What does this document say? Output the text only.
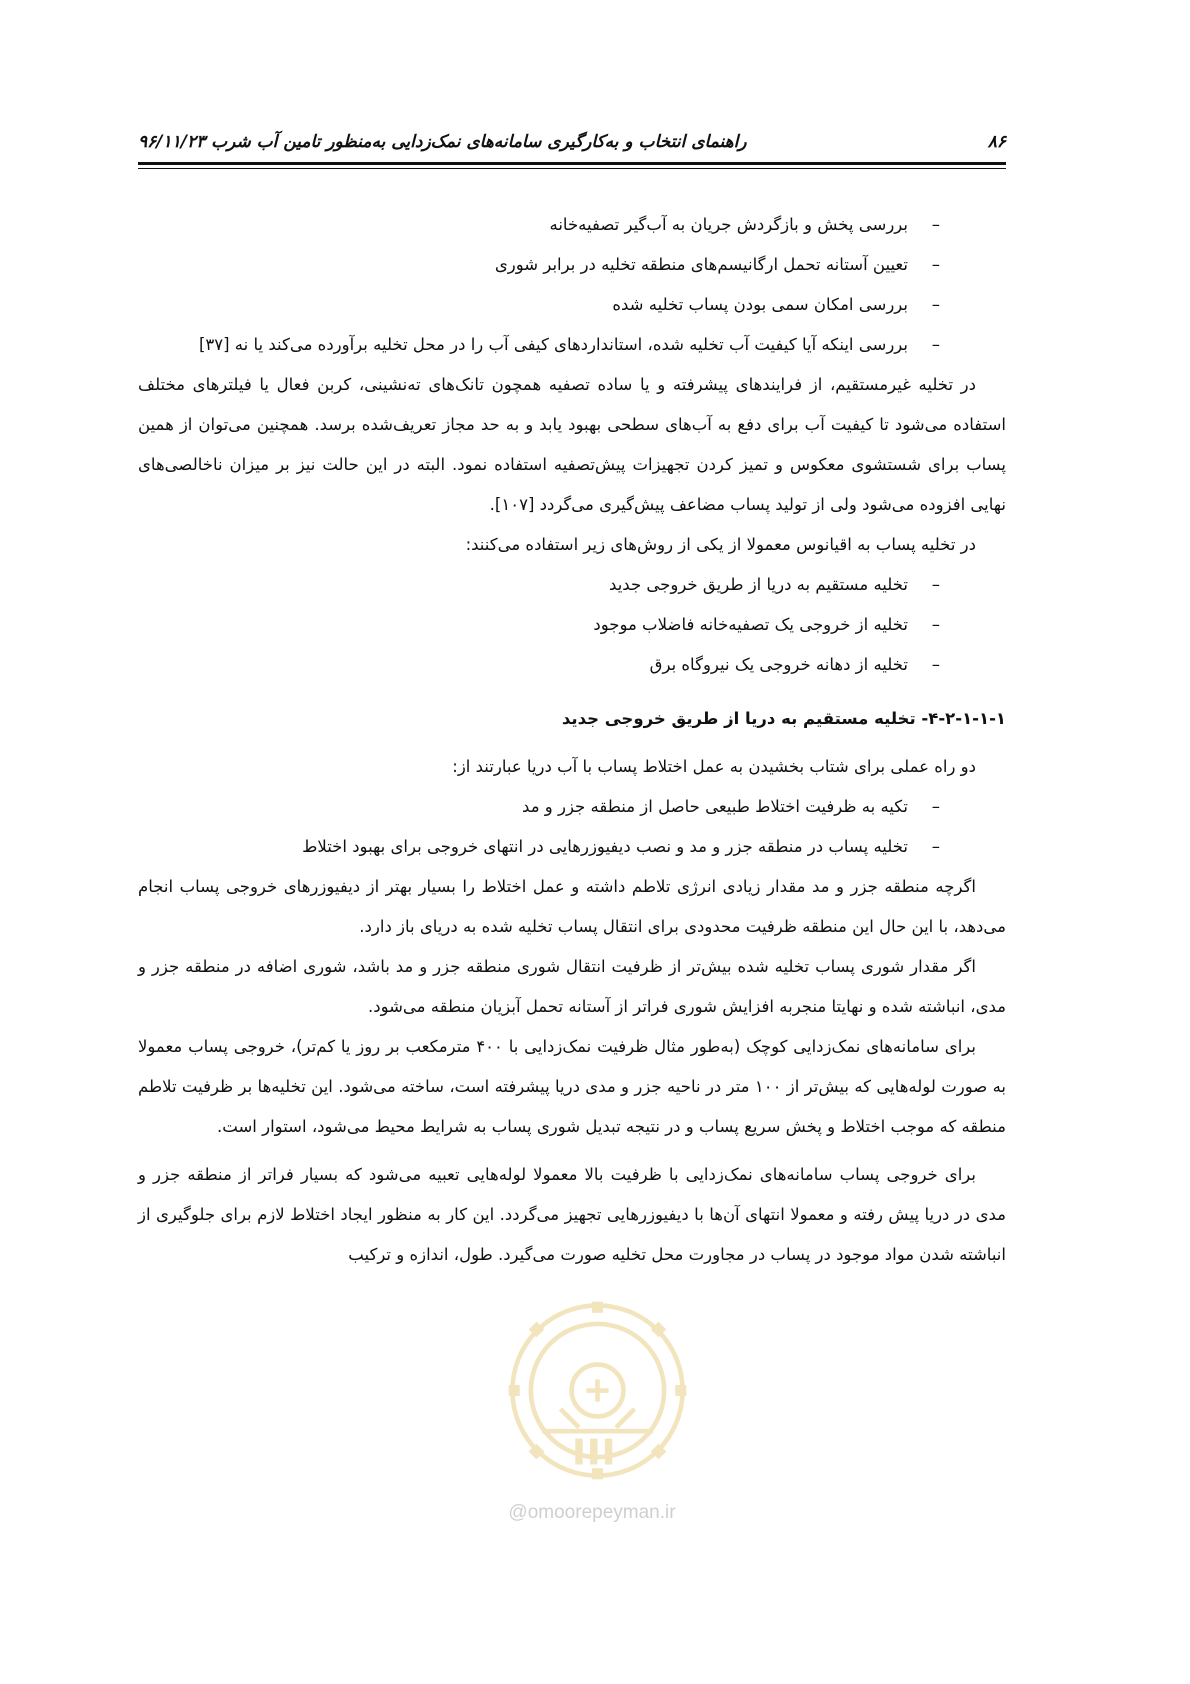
۸۶
راهنمای انتخاب و به‌کارگیری سامانه‌های نمک‌زدایی به‌منظور تامین آب شرب ۹۶/۱۱/۲۳

–
بررسی پخش و بازگردش جریان به آب‌گیر تصفیه‌خانه

–
تعیین آستانه تحمل ارگانیسم‌های منطقه تخلیه در برابر شوری

–
بررسی امکان سمی بودن پساب تخلیه شده

–
بررسی اینکه آیا کیفیت آب تخلیه شده، استانداردهای کیفی آب را در محل تخلیه برآورده می‌کند یا نه [۳۷]

در تخلیه غیرمستقیم، از فرایندهای پیشرفته و یا ساده تصفیه همچون تانک‌های ته‌نشینی، کربن فعال یا فیلترهای مختلف استفاده می‌شود تا کیفیت آب برای دفع به آب‌های سطحی بهبود یابد و به حد مجاز تعریف‌شده برسد. همچنین می‌توان از همین پساب برای شستشوی معکوس و تمیز کردن تجهیزات پیش‌تصفیه استفاده نمود. البته در این حالت نیز بر میزان ناخالصی‌های نهایی افزوده می‌شود ولی از تولید پساب مضاعف پیش‌گیری می‌گردد [۱۰۷].

در تخلیه پساب به اقیانوس معمولا از یکی از روش‌های زیر استفاده می‌کنند:

–
تخلیه مستقیم به دریا از طریق خروجی جدید

–
تخلیه از خروجی یک تصفیه‌خانه فاضلاب موجود

–
تخلیه از دهانه خروجی یک نیروگاه برق

۴-۲-۱-۱-۱- تخلیه مستقیم به دریا از طریق خروجی جدید

دو راه عملی برای شتاب بخشیدن به عمل اختلاط پساب با آب دریا عبارتند از:

–
تکیه به ظرفیت اختلاط طبیعی حاصل از منطقه جزر و مد

–
تخلیه پساب در منطقه جزر و مد و نصب دیفیوزرهایی در انتهای خروجی برای بهبود اختلاط

اگرچه منطقه جزر و مد مقدار زیادی انرژی تلاطم داشته و عمل اختلاط را بسیار بهتر از دیفیوزرهای خروجی پساب انجام می‌دهد، با این حال این منطقه ظرفیت محدودی برای انتقال پساب تخلیه شده به دریای باز دارد.

اگر مقدار شوری پساب تخلیه شده بیش‌تر از ظرفیت انتقال شوری منطقه جزر و مد باشد، شوری اضافه در منطقه جزر و مدی، انباشته شده و نهایتا منجربه افزایش شوری فراتر از آستانه تحمل آبزیان منطقه می‌شود.

برای سامانه‌های نمک‌زدایی کوچک (به‌طور مثال ظرفیت نمک‌زدایی با ۴۰۰ مترمکعب بر روز یا کم‌تر)، خروجی پساب معمولا به صورت لوله‌هایی که بیش‌تر از ۱۰۰ متر در ناحیه جزر و مدی دریا پیشرفته است، ساخته می‌شود. این تخلیه‌ها بر ظرفیت تلاطم منطقه که موجب اختلاط و پخش سریع پساب و در نتیجه تبدیل شوری پساب به شرایط محیط می‌شود، استوار است.

برای خروجی پساب سامانه‌های نمک‌زدایی با ظرفیت بالا معمولا لوله‌هایی تعبیه می‌شود که بسیار فراتر از منطقه جزر و مدی در دریا پیش رفته و معمولا انتهای آن‌ها با دیفیوزرهایی تجهیز می‌گردد. این کار به منظور ایجاد اختلاط لازم برای جلوگیری از انباشته شدن مواد موجود در پساب در مجاورت محل تخلیه صورت می‌گیرد. طول، اندازه و ترکیب

@omoorepeyman.ir
